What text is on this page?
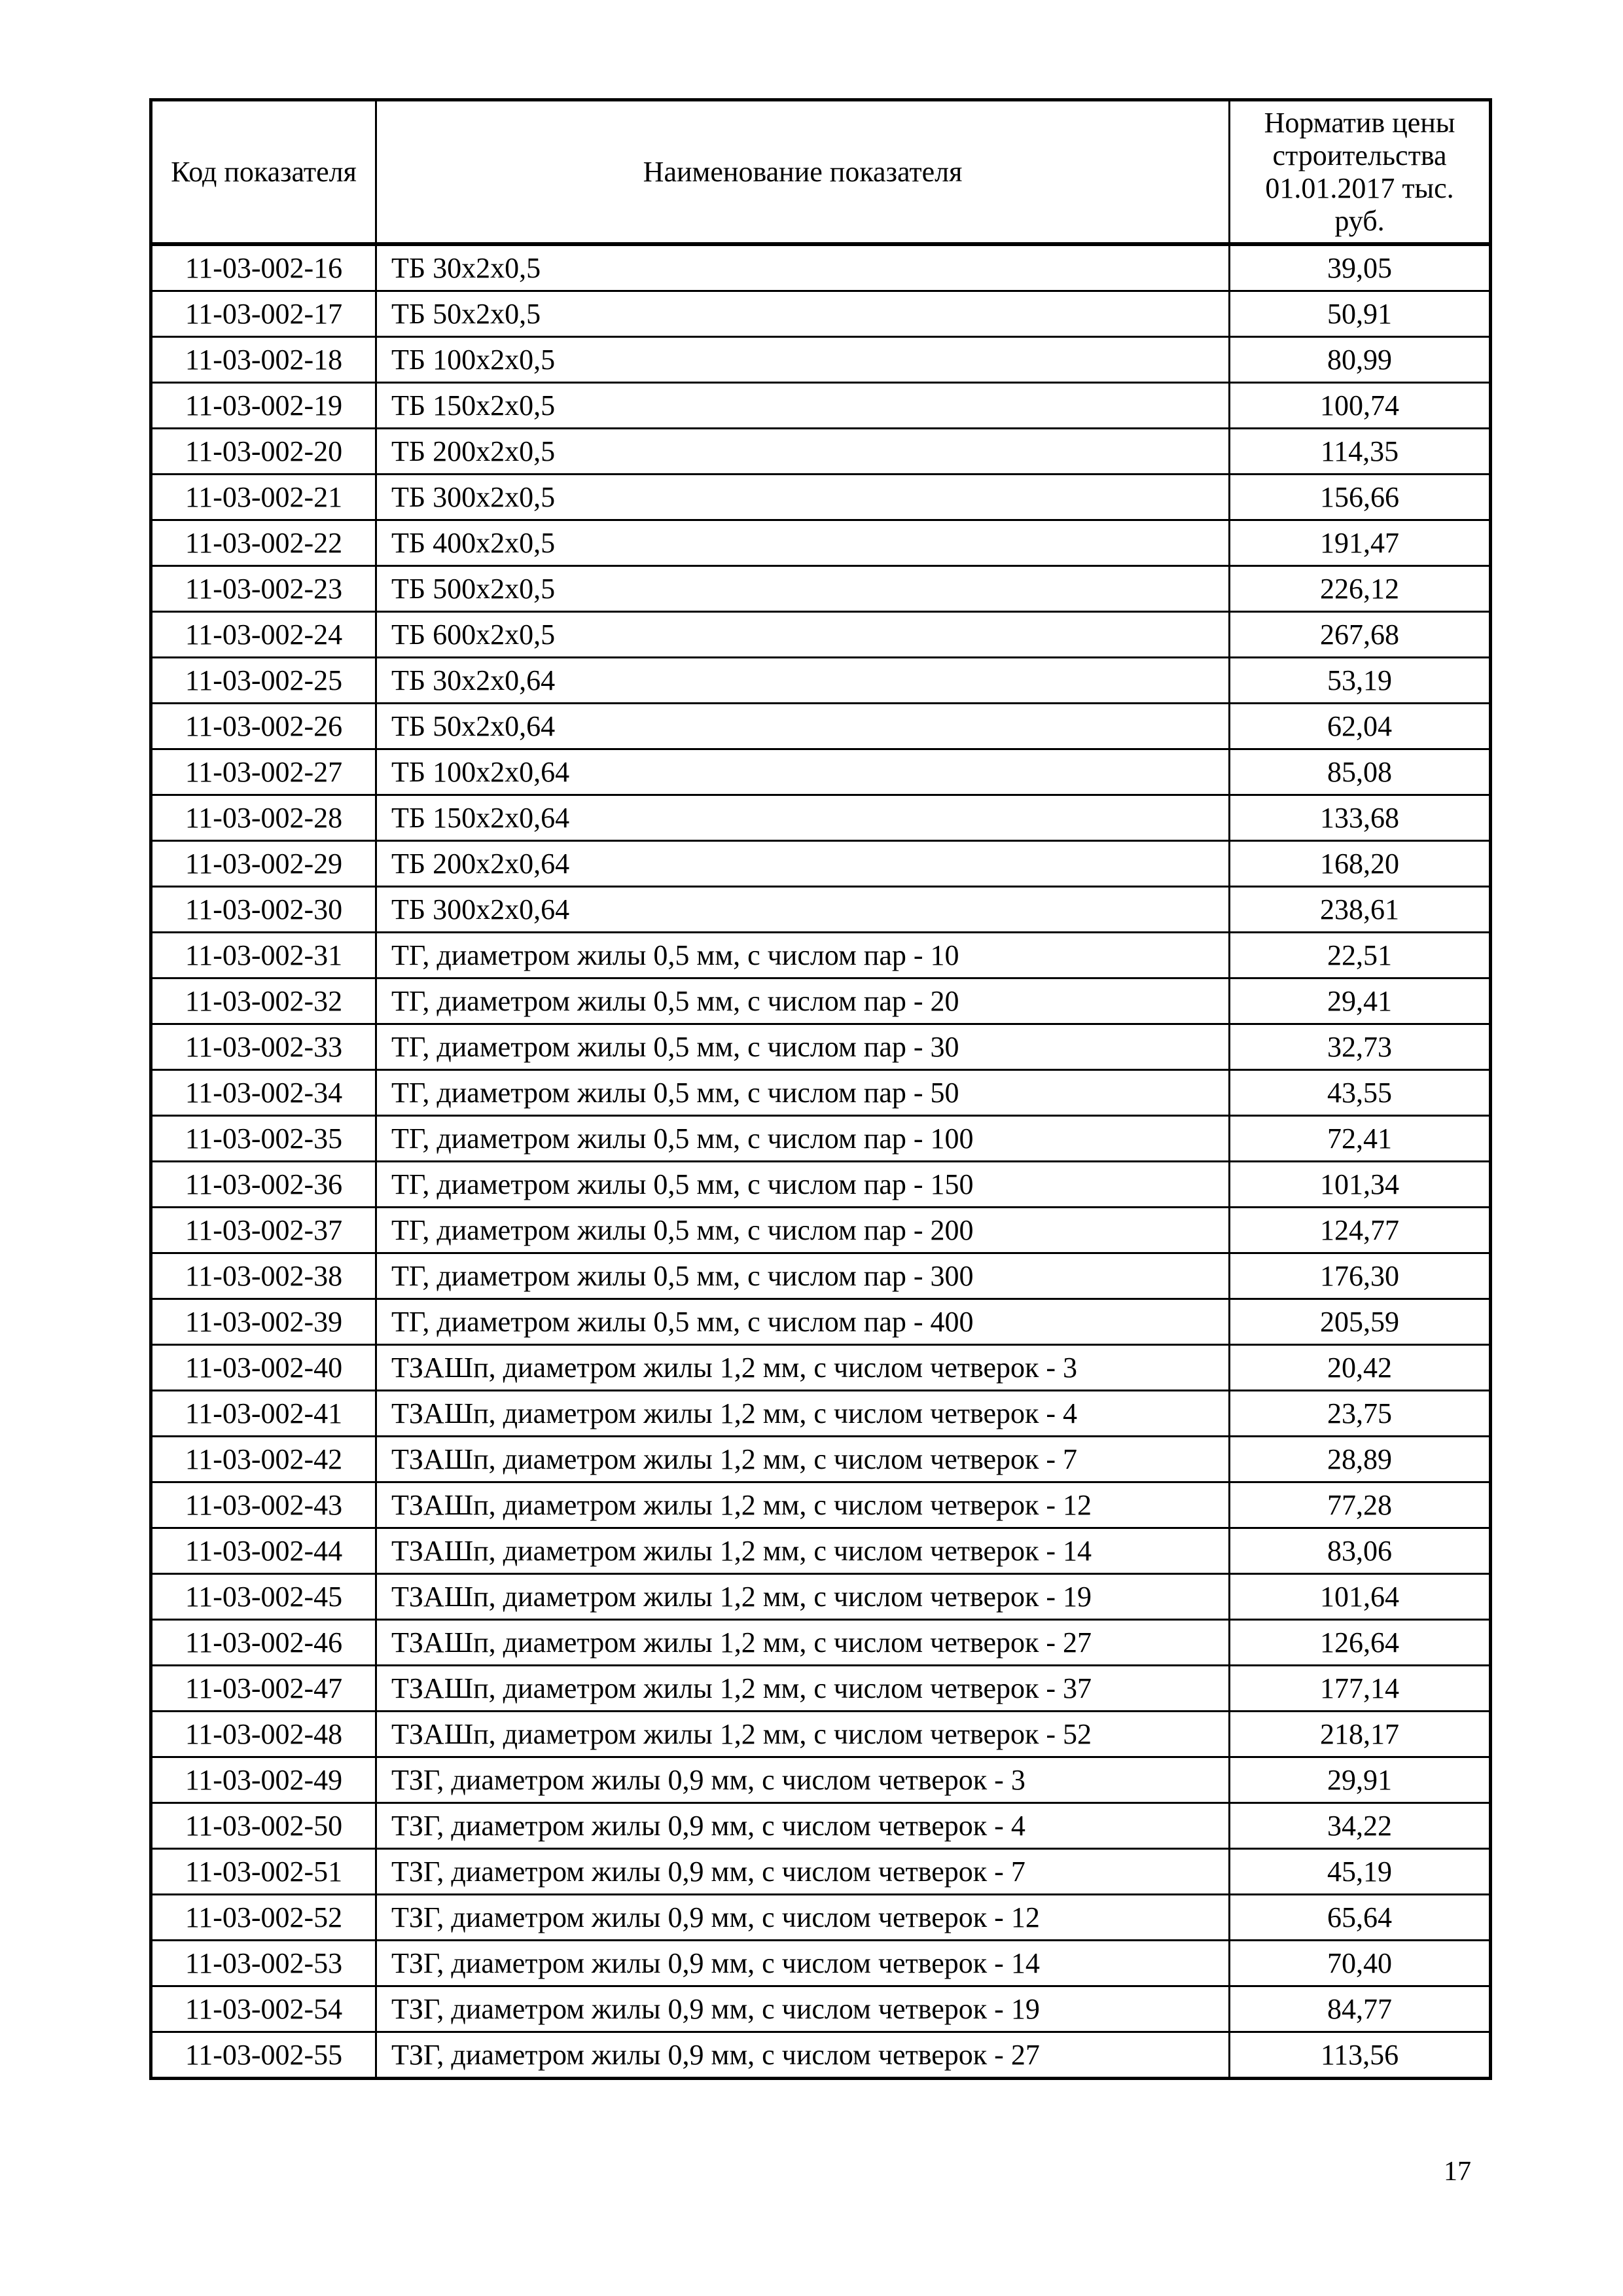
Код показателя	Наименование показателя	Норматив цены строительства 01.01.2017 тыс. руб.

11-03-002-16	ТБ 30х2х0,5	39,05
11-03-002-17	ТБ 50х2х0,5	50,91
11-03-002-18	ТБ 100х2х0,5	80,99
11-03-002-19	ТБ 150х2х0,5	100,74
11-03-002-20	ТБ 200х2х0,5	114,35
11-03-002-21	ТБ 300х2х0,5	156,66
11-03-002-22	ТБ 400х2х0,5	191,47
11-03-002-23	ТБ 500х2х0,5	226,12
11-03-002-24	ТБ 600х2х0,5	267,68
11-03-002-25	ТБ 30х2х0,64	53,19
11-03-002-26	ТБ 50х2х0,64	62,04
11-03-002-27	ТБ 100х2х0,64	85,08
11-03-002-28	ТБ 150х2х0,64	133,68
11-03-002-29	ТБ 200х2х0,64	168,20
11-03-002-30	ТБ 300х2х0,64	238,61
11-03-002-31	ТГ, диаметром жилы 0,5 мм, с числом пар - 10	22,51
11-03-002-32	ТГ, диаметром жилы 0,5 мм, с числом пар - 20	29,41
11-03-002-33	ТГ, диаметром жилы 0,5 мм, с числом пар - 30	32,73
11-03-002-34	ТГ, диаметром жилы 0,5 мм, с числом пар - 50	43,55
11-03-002-35	ТГ, диаметром жилы 0,5 мм, с числом пар - 100	72,41
11-03-002-36	ТГ, диаметром жилы 0,5 мм, с числом пар - 150	101,34
11-03-002-37	ТГ, диаметром жилы 0,5 мм, с числом пар - 200	124,77
11-03-002-38	ТГ, диаметром жилы 0,5 мм, с числом пар - 300	176,30
11-03-002-39	ТГ, диаметром жилы 0,5 мм, с числом пар - 400	205,59
11-03-002-40	ТЗАШп, диаметром жилы 1,2 мм, с числом четверок - 3	20,42
11-03-002-41	ТЗАШп, диаметром жилы 1,2 мм, с числом четверок - 4	23,75
11-03-002-42	ТЗАШп, диаметром жилы 1,2 мм, с числом четверок - 7	28,89
11-03-002-43	ТЗАШп, диаметром жилы 1,2 мм, с числом четверок - 12	77,28
11-03-002-44	ТЗАШп, диаметром жилы 1,2 мм, с числом четверок - 14	83,06
11-03-002-45	ТЗАШп, диаметром жилы 1,2 мм, с числом четверок - 19	101,64
11-03-002-46	ТЗАШп, диаметром жилы 1,2 мм, с числом четверок - 27	126,64
11-03-002-47	ТЗАШп, диаметром жилы 1,2 мм, с числом четверок - 37	177,14
11-03-002-48	ТЗАШп, диаметром жилы 1,2 мм, с числом четверок - 52	218,17
11-03-002-49	ТЗГ, диаметром жилы 0,9 мм, с числом четверок - 3	29,91
11-03-002-50	ТЗГ, диаметром жилы 0,9 мм, с числом четверок - 4	34,22
11-03-002-51	ТЗГ, диаметром жилы 0,9 мм, с числом четверок - 7	45,19
11-03-002-52	ТЗГ, диаметром жилы 0,9 мм, с числом четверок - 12	65,64
11-03-002-53	ТЗГ, диаметром жилы 0,9 мм, с числом четверок - 14	70,40
11-03-002-54	ТЗГ, диаметром жилы 0,9 мм, с числом четверок - 19	84,77
11-03-002-55	ТЗГ, диаметром жилы 0,9 мм, с числом четверок - 27	113,56
17
